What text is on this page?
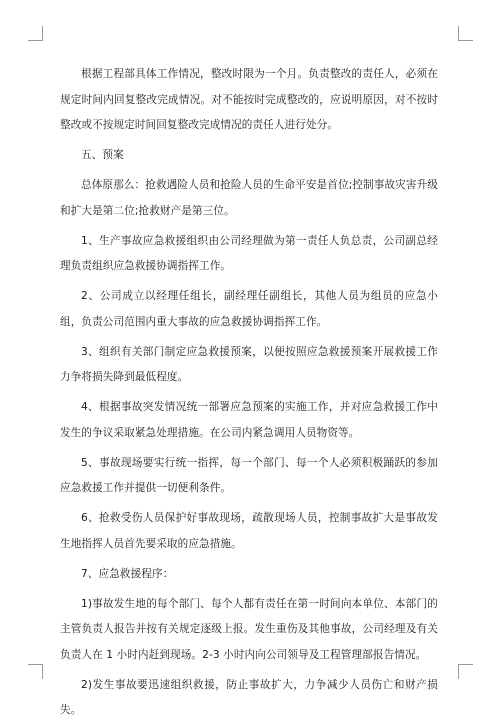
根据工程部具体工作情况，整改时限为一个月。负责整改的责任人，必须在规定时间内回复整改完成情况。对不能按时完成整改的，应说明原因，对不按时整改或不按规定时间回复整改完成情况的责任人进行处分。

五、预案

总体原那么：抢救遇险人员和抢险人员的生命平安是首位;控制事故灾害升级和扩大是第二位;抢救财产是第三位。

1、生产事故应急救援组织由公司经理做为第一责任人负总责，公司副总经理负责组织应急救援协调指挥工作。

2、公司成立以经理任组长，副经理任副组长，其他人员为组员的应急小组，负责公司范围内重大事故的应急救援协调指挥工作。

3、组织有关部门制定应急救援预案，以便按照应急救援预案开展救援工作力争将损失降到最低程度。

4、根据事故突发情况统一部署应急预案的实施工作，并对应急救援工作中发生的争议采取紧急处理措施。在公司内紧急调用人员物资等。

5、事故现场要实行统一指挥，每一个部门、每一个人必须积极踊跃的参加应急救援工作并提供一切便利条件。

6、抢救受伤人员保护好事故现场，疏散现场人员，控制事故扩大是事故发生地指挥人员首先要采取的应急措施。

7、应急救援程序：

1)事故发生地的每个部门、每个人都有责任在第一时间向本单位、本部门的主管负责人报告并按有关规定逐级上报。发生重伤及其他事故，公司经理及有关负责人在 1 小时内赶到现场。2-3 小时内向公司领导及工程管理部报告情况。

2)发生事故要迅速组织救援，防止事故扩大，力争减少人员伤亡和财产损失。
